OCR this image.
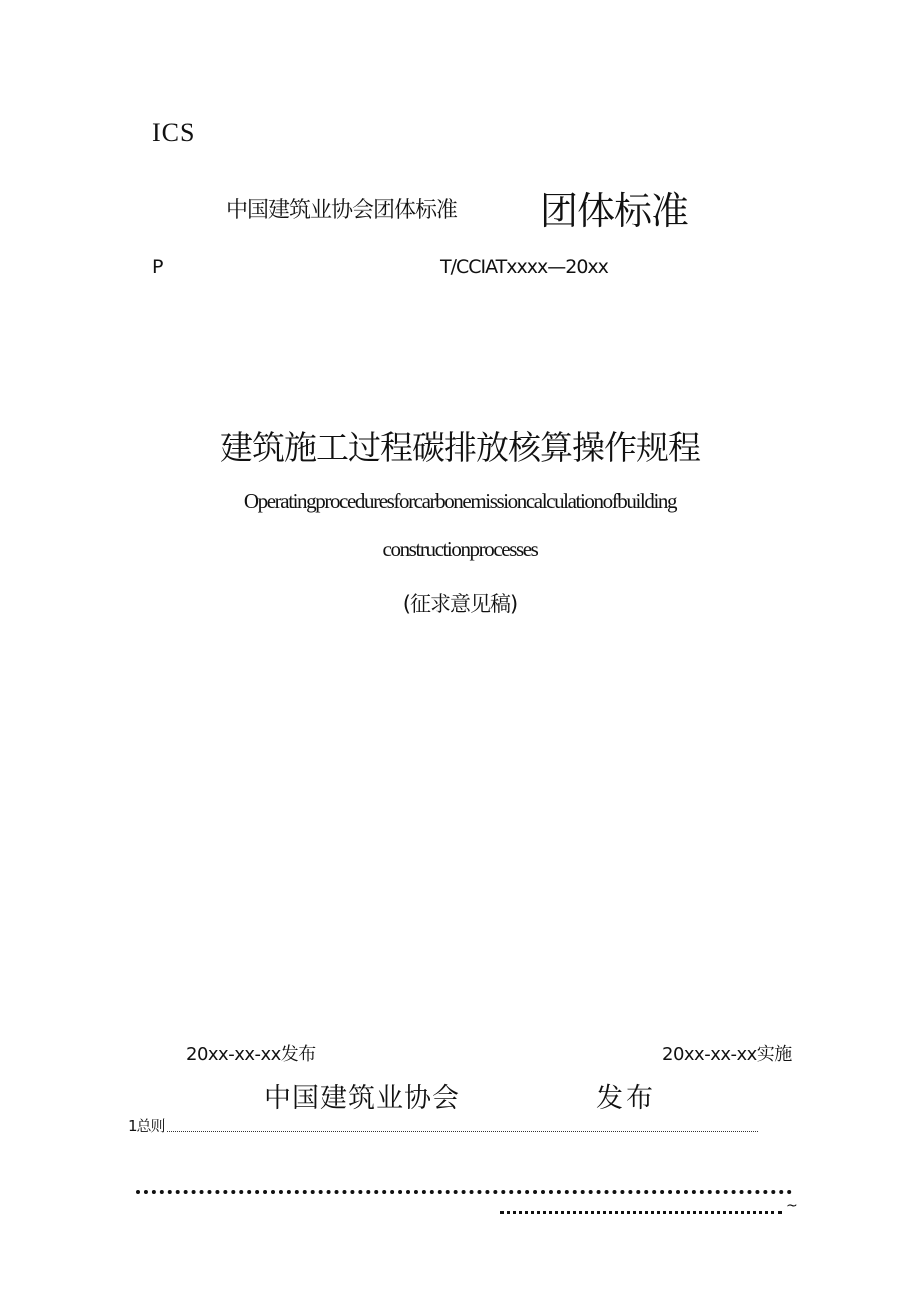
ICS
中国建筑业协会团体标准 团体标准
P	T∕CCIATxxxx—20xx
建筑施工过程碳排放核算操作规程
Operatingproceduresforcarbonemissioncalculationofbuilding
constructionprocesses
(征求意见稿)
20xx-xx-xx发布	20xx-xx-xx实施
中国建筑业协会	发布
1总则
~
